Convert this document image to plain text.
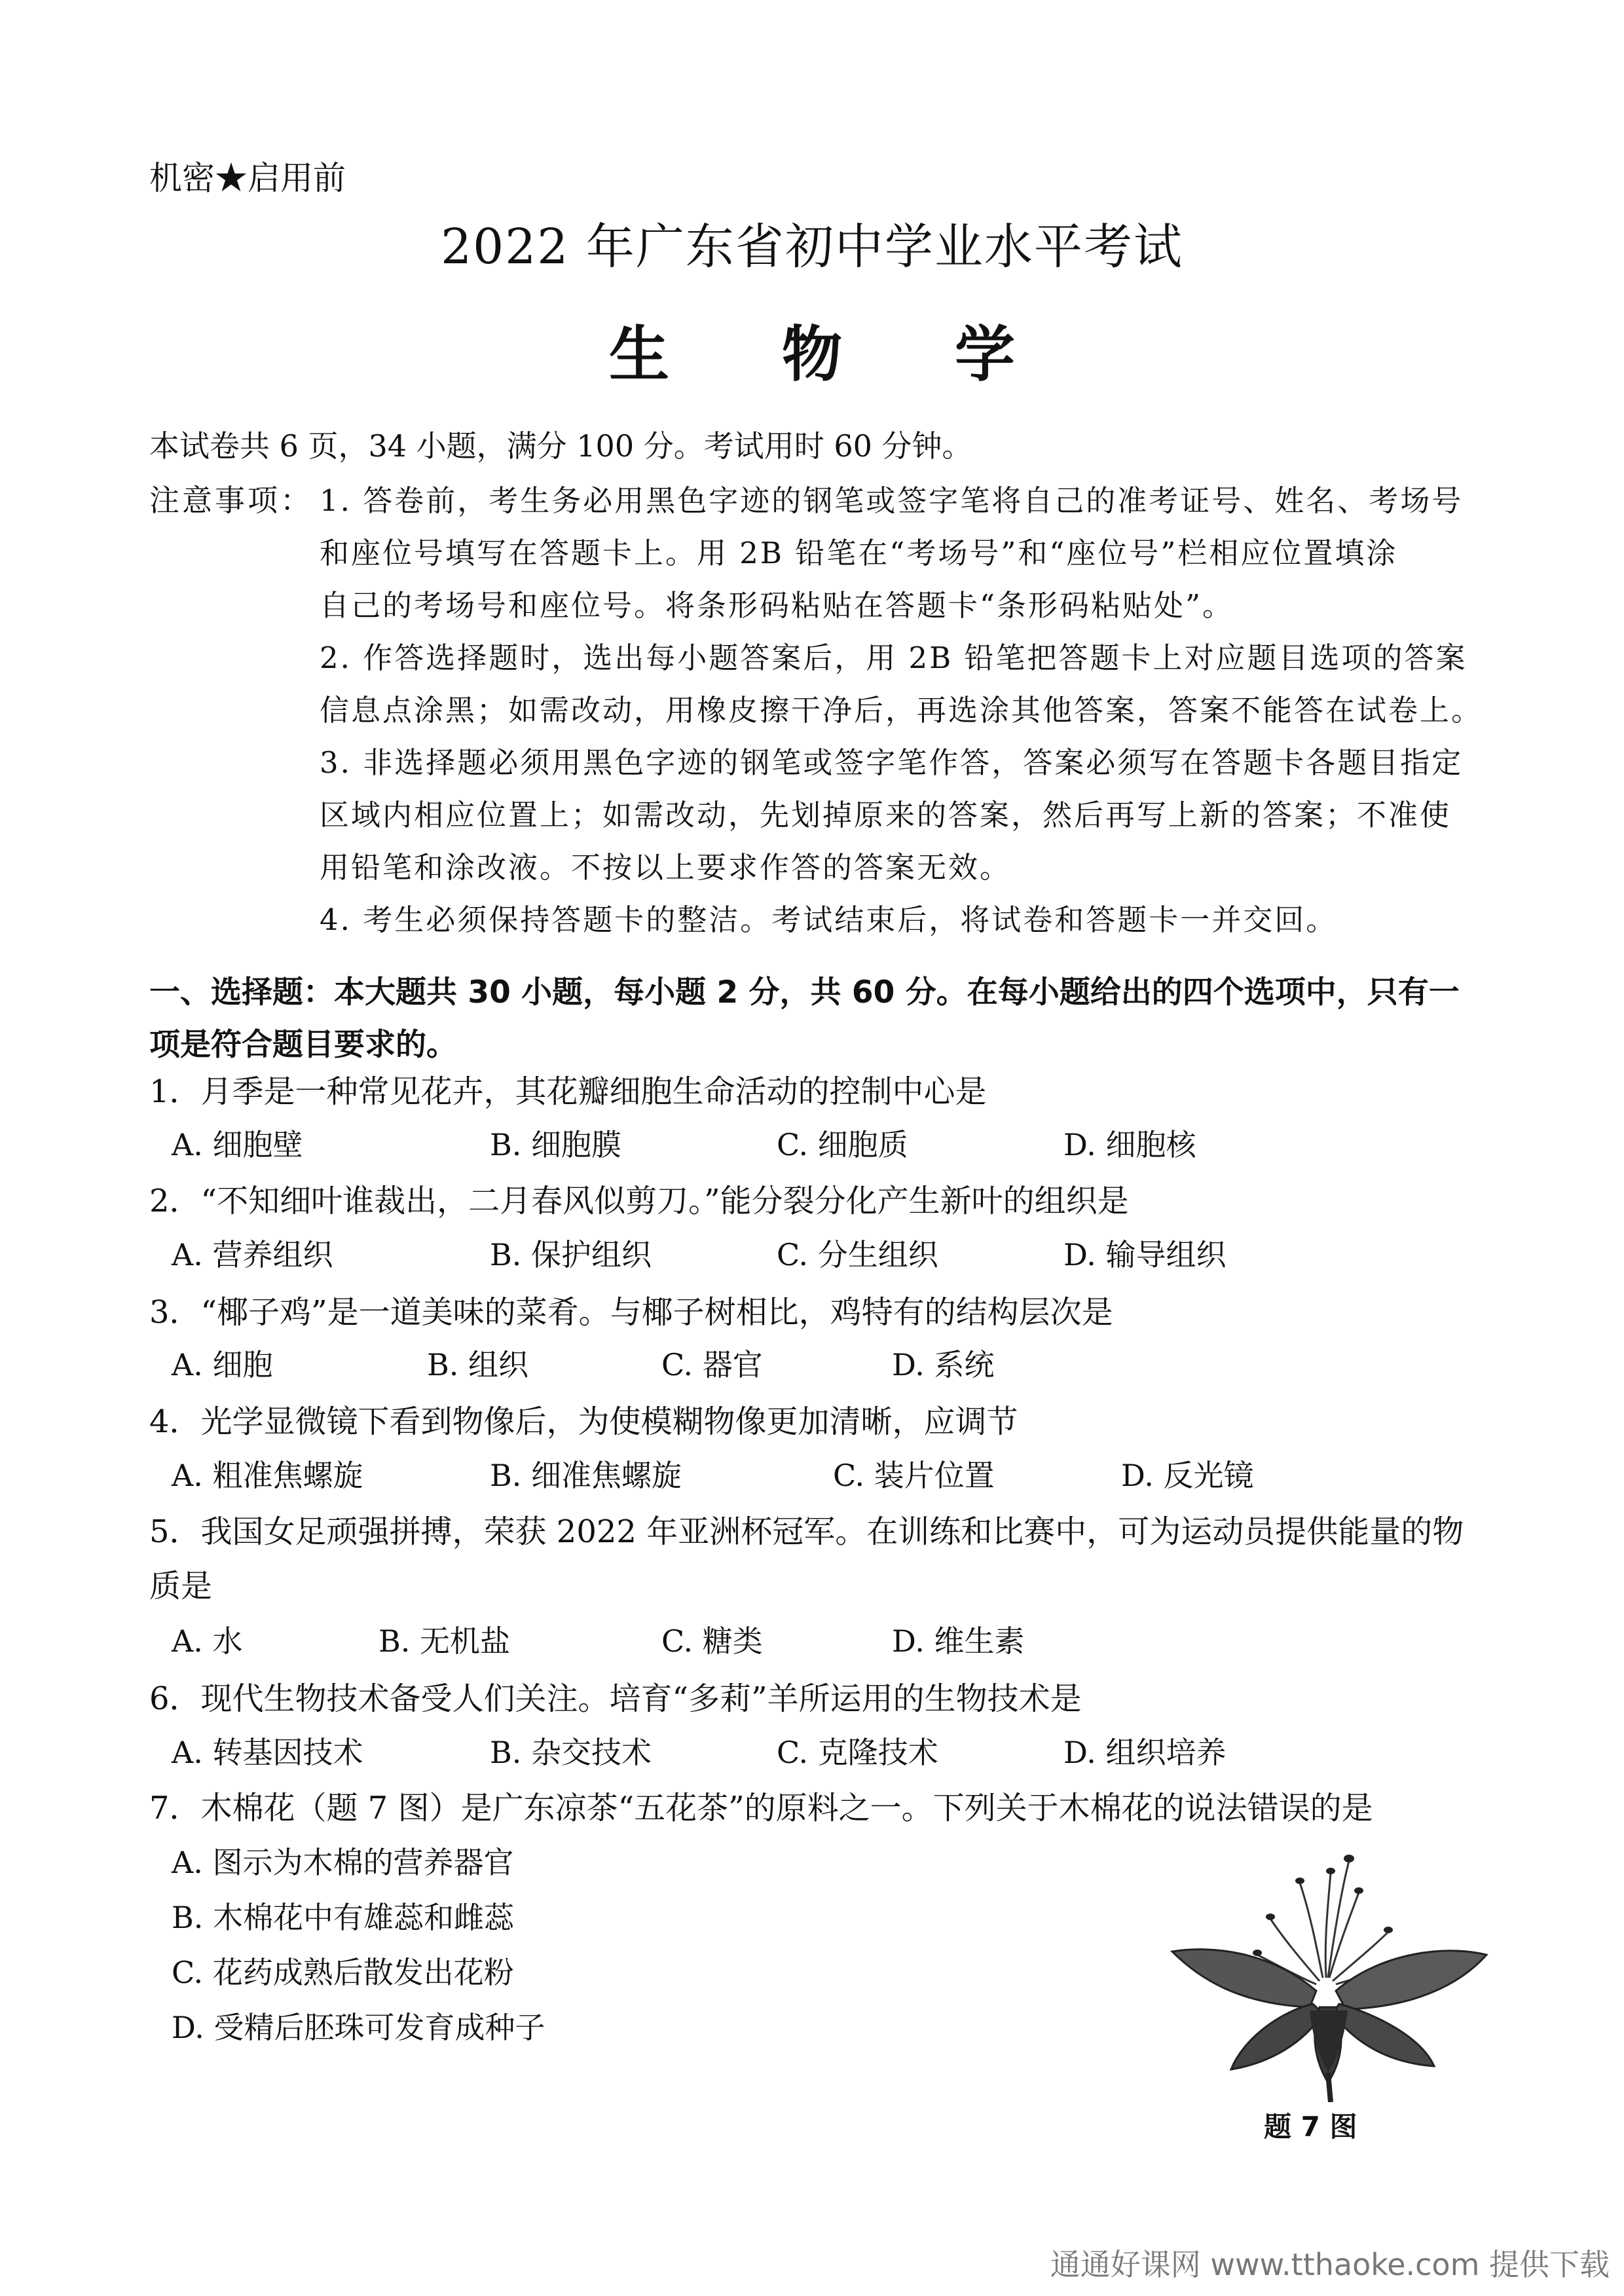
机密★启用前
2022 年广东省初中学业水平考试
生 物 学
本试卷共 6 页，34 小题，满分 100 分。考试用时 60 分钟。
注意事项： 1. 答卷前，考生务必用黑色字迹的钢笔或签字笔将自己的准考证号、姓名、考场号
和座位号填写在答题卡上。用 2B 铅笔在“考场号”和“座位号”栏相应位置填涂
自己的考场号和座位号。将条形码粘贴在答题卡“条形码粘贴处”。
2. 作答选择题时，选出每小题答案后，用 2B 铅笔把答题卡上对应题目选项的答案
信息点涂黑；如需改动，用橡皮擦干净后，再选涂其他答案，答案不能答在试卷上。
3. 非选择题必须用黑色字迹的钢笔或签字笔作答，答案必须写在答题卡各题目指定
区域内相应位置上；如需改动，先划掉原来的答案，然后再写上新的答案；不准使
用铅笔和涂改液。不按以上要求作答的答案无效。
4. 考生必须保持答题卡的整洁。考试结束后，将试卷和答题卡一并交回。
一、选择题：本大题共 30 小题，每小题 2 分，共 60 分。在每小题给出的四个选项中，只有一
项是符合题目要求的。
1．月季是一种常见花卉，其花瓣细胞生命活动的控制中心是
A. 细胞壁	B. 细胞膜	C. 细胞质	D. 细胞核
2．“不知细叶谁裁出，二月春风似剪刀。”能分裂分化产生新叶的组织是
A. 营养组织	B. 保护组织	C. 分生组织	D. 输导组织
3．“椰子鸡”是一道美味的菜肴。与椰子树相比，鸡特有的结构层次是
A. 细胞	B. 组织	C. 器官	D. 系统
4．光学显微镜下看到物像后，为使模糊物像更加清晰，应调节
A. 粗准焦螺旋	B. 细准焦螺旋	C. 装片位置	D. 反光镜
5．我国女足顽强拼搏，荣获 2022 年亚洲杯冠军。在训练和比赛中，可为运动员提供能量的物
质是
A. 水	B. 无机盐	C. 糖类	D. 维生素
6．现代生物技术备受人们关注。培育“多莉”羊所运用的生物技术是
A. 转基因技术	B. 杂交技术	C. 克隆技术	D. 组织培养
7．木棉花（题 7 图）是广东凉茶“五花茶”的原料之一。下列关于木棉花的说法错误的是
A. 图示为木棉的营养器官
B. 木棉花中有雄蕊和雌蕊
C. 花药成熟后散发出花粉
D. 受精后胚珠可发育成种子
题 7 图
通通好课网 www.tthaoke.com 提供下载
